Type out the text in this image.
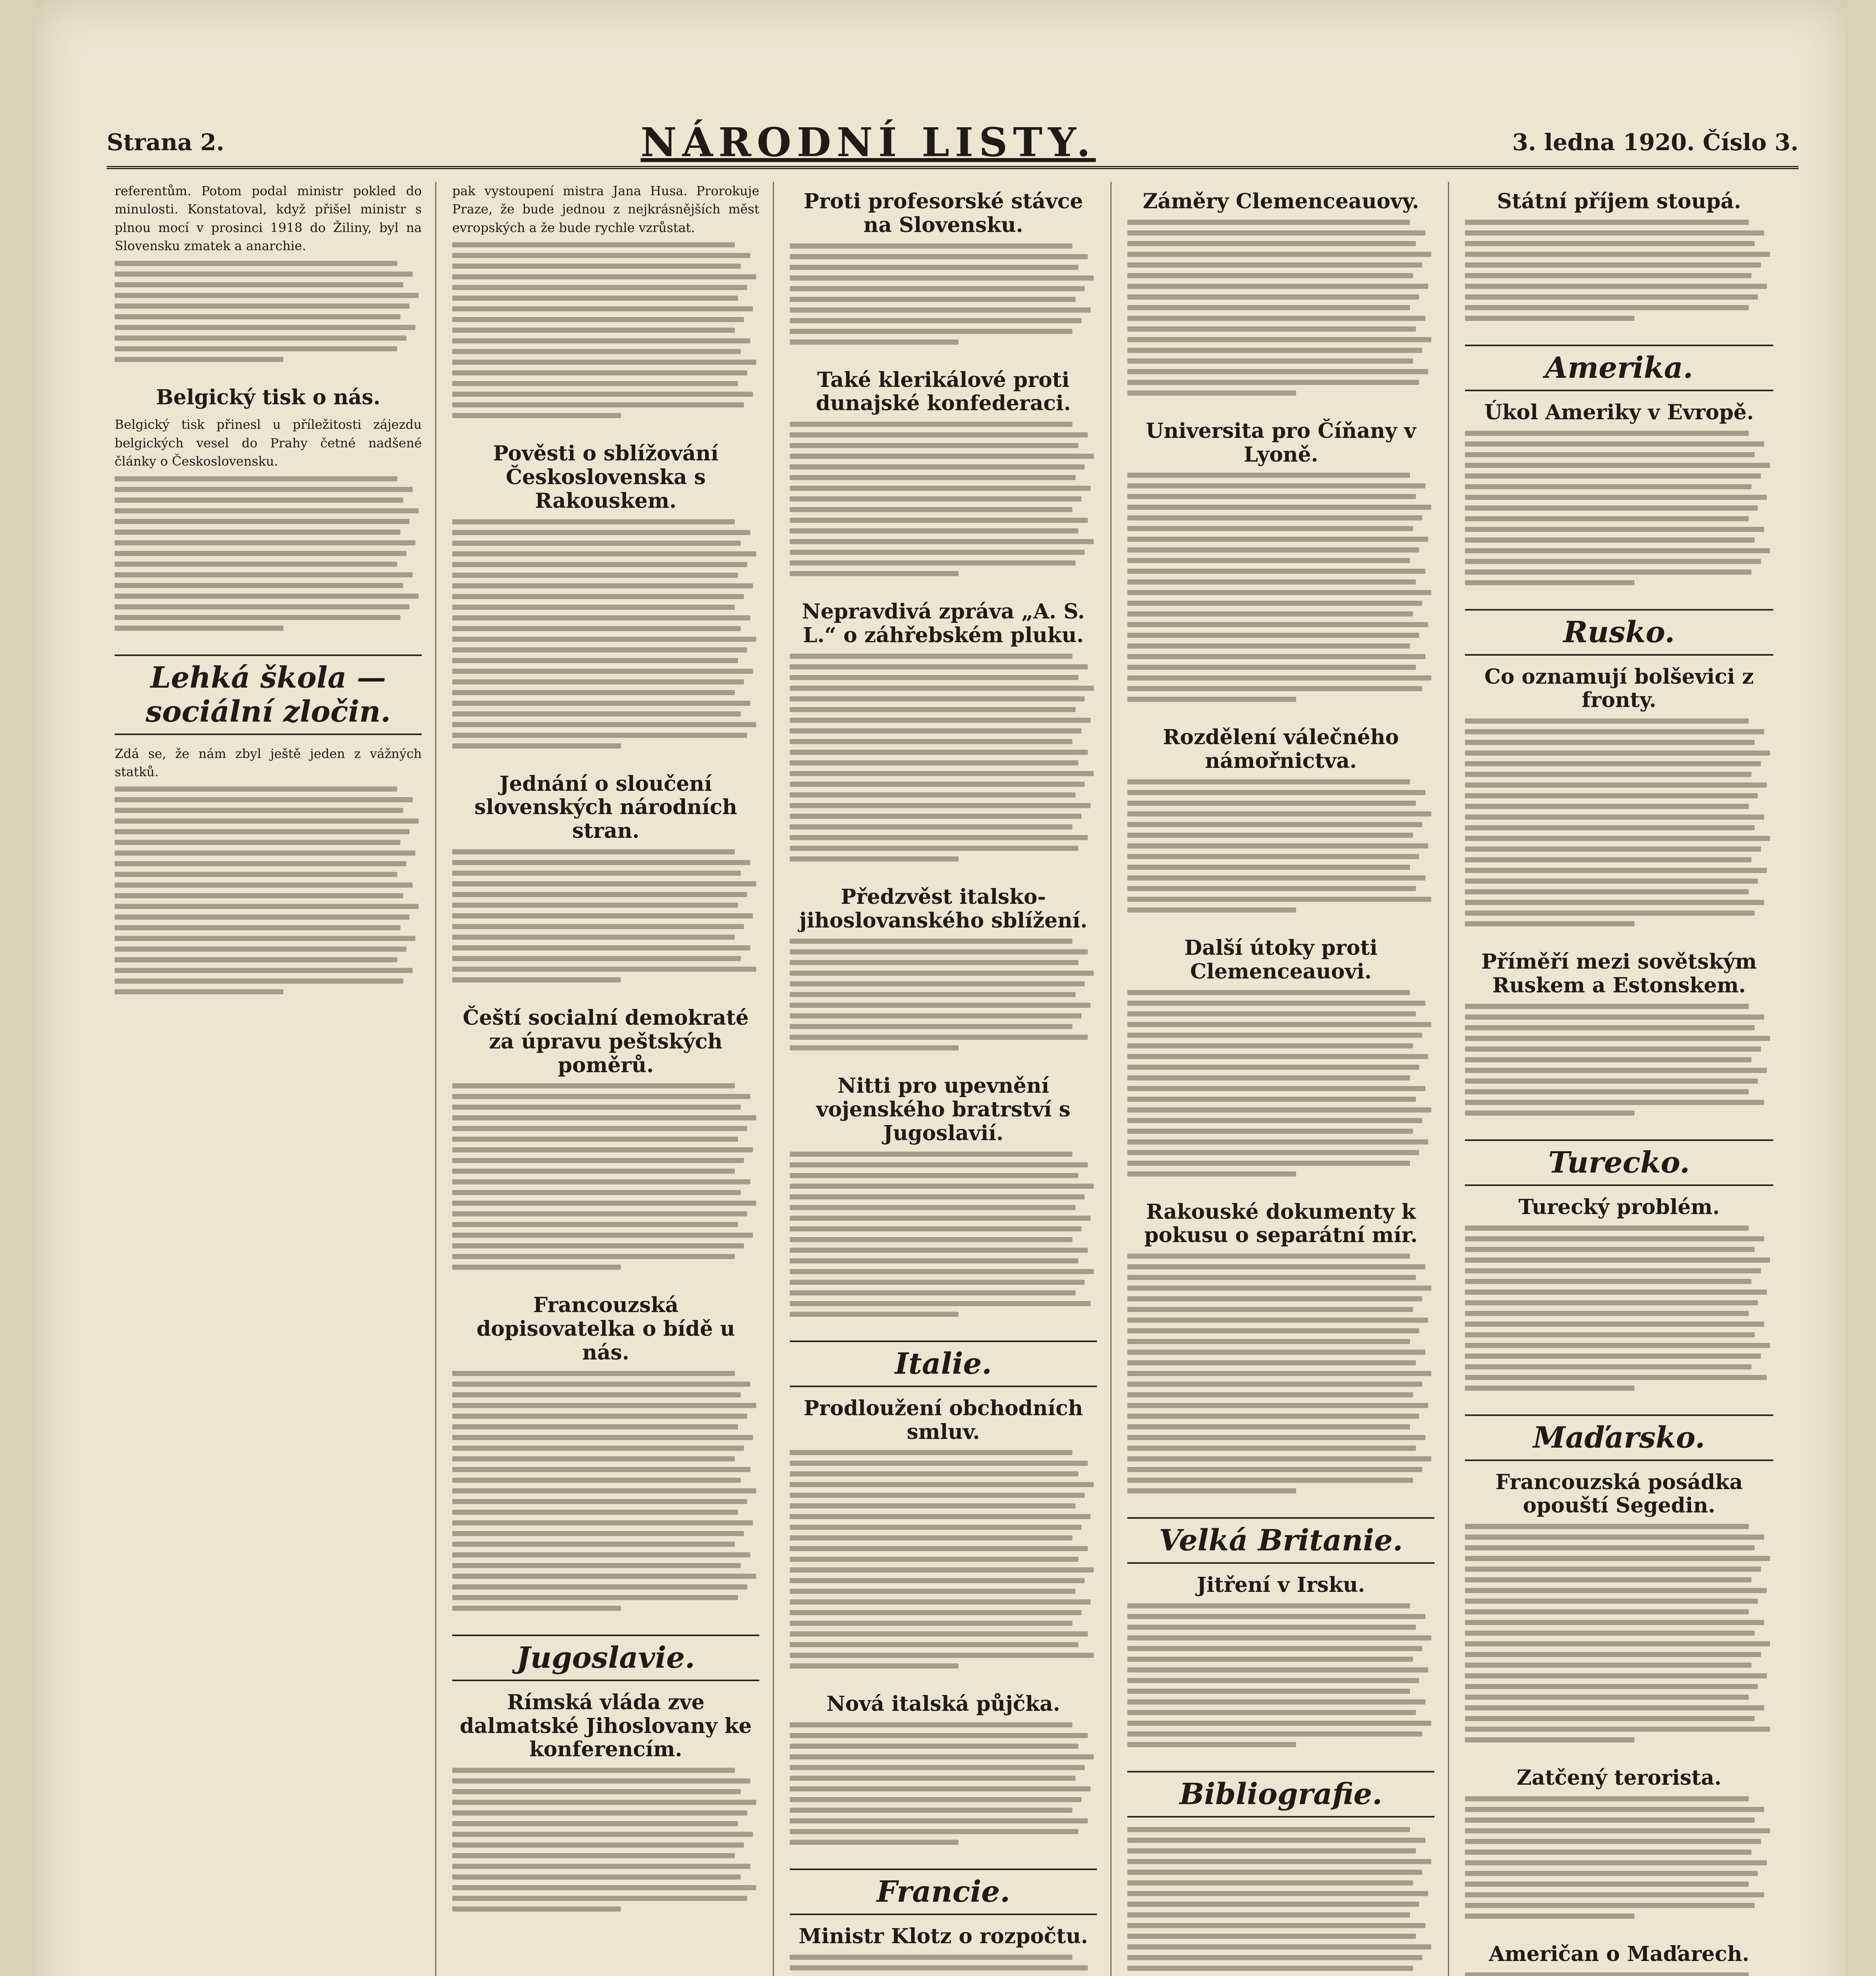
Strana 2.	NÁRODNÍ LISTY.	3. ledna 1920. Číslo 3.
referentům. Potom podal ministr pokled do minulosti. Konstatoval, když přišel ministr s plnou mocí v prosinci 1918 do Žiliny, byl na Slovensku zmatek a anarchie.
Belgický tisk o nás.
Belgický tisk přinesl u příležitosti zájezdu belgických vesel do Prahy četné nadšené články o Československu.
Lehká škola — sociální zločin.
Zdá se, že nám zbyl ještě jeden z vážných statků.
pak vystoupení mistra Jana Husa. Prorokuje Praze, že bude jednou z nejkrásnějších měst evropských a že bude rychle vzrůstat.
Pověsti o sblížování Československa s Rakouskem.
Jednání o sloučení slovenských národních stran.
Čeští socialní demokraté za úpravu peštských poměrů.
Francouzská dopisovatelka o bídě u nás.
Jugoslavie.
Rímská vláda zve dalmatské Jihoslovany ke konferencím.
Proti profesorské stávce na Slovensku.
Také klerikálové proti dunajské konfederaci.
Nepravdivá zpráva „A. S. L.“ o záhřebském pluku.
Předzvěst italsko-jihoslovanského sblížení.
Nitti pro upevnění vojenského bratrství s Jugoslavií.
Italie.
Prodloužení obchodních smluv.
Nová italská půjčka.
Francie.
Ministr Klotz o rozpočtu.
Záměry Clemenceauovy.
Universita pro Číňany v Lyoně.
Rozdělení válečného námořnictva.
Další útoky proti Clemenceauovi.
Rakouské dokumenty k pokusu o separátní mír.
Velká Britanie.
Jitření v Irsku.
Bibliografie.
Státní příjem stoupá.
Amerika.
Úkol Ameriky v Evropě.
Rusko.
Co oznamují bolševici z fronty.
Příměří mezi sovětským Ruskem a Estonskem.
Turecko.
Turecký problém.
Maďarsko.
Francouzská posádka opouští Segedin.
Zatčený terorista.
Američan o Maďarech.
